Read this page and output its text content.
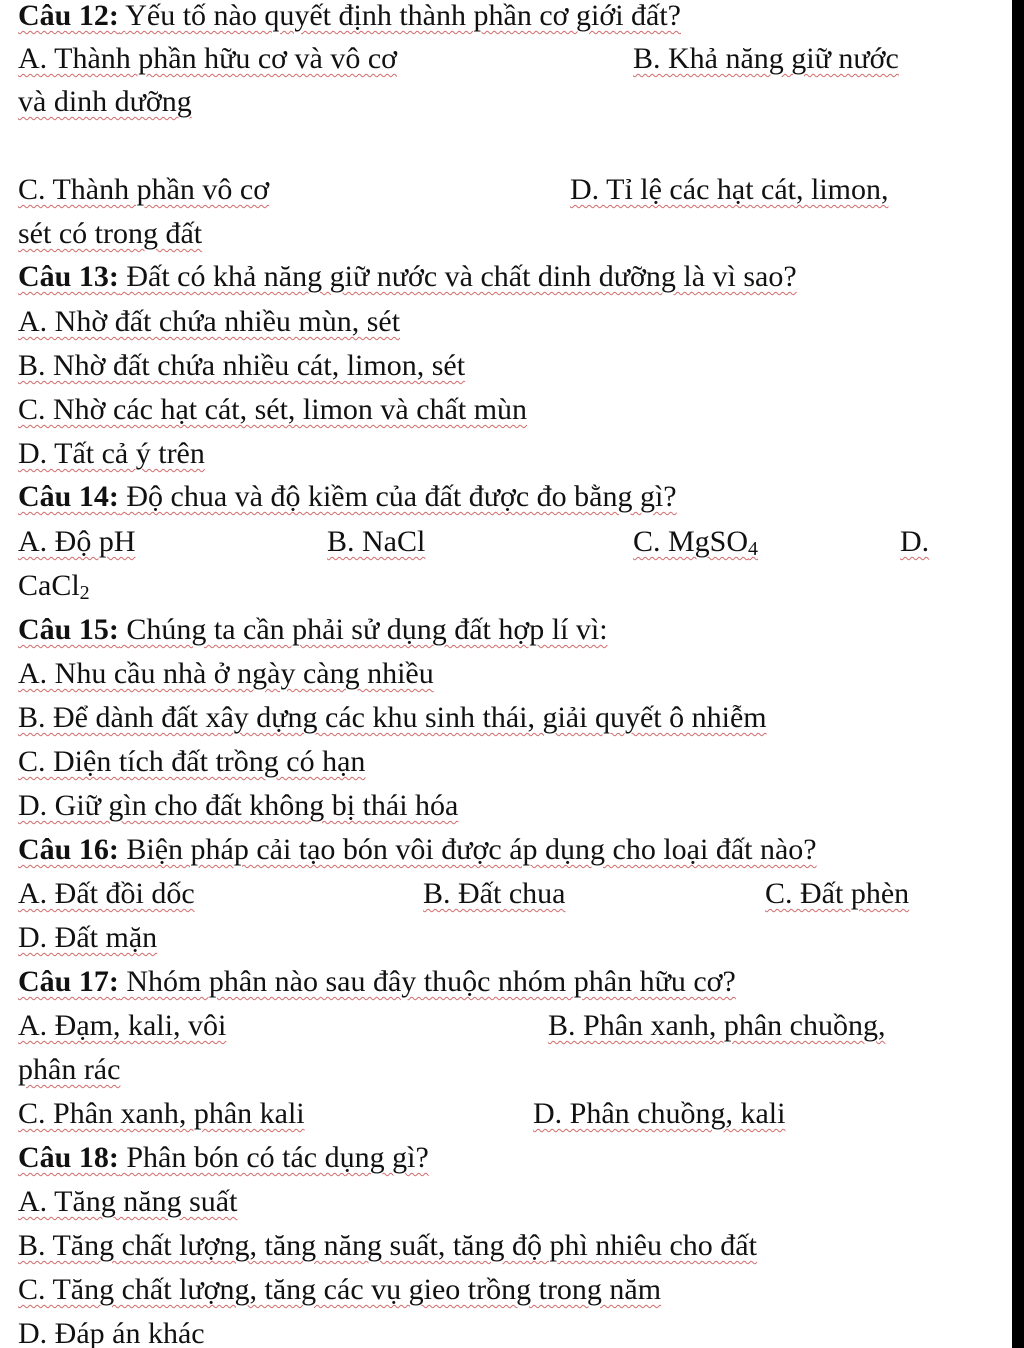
Câu 12: Yếu tố nào quyết định thành phần cơ giới đất?
A. Thành phần hữu cơ và vô cơ	B. Khả năng giữ nước
và dinh dưỡng
C. Thành phần vô cơ	D. Tỉ lệ các hạt cát, limon,
sét có trong đất
Câu 13: Đất có khả năng giữ nước và chất dinh dưỡng là vì sao?
A. Nhờ đất chứa nhiều mùn, sét
B. Nhờ đất chứa nhiều cát, limon, sét
C. Nhờ các hạt cát, sét, limon và chất mùn
D. Tất cả ý trên
Câu 14: Độ chua và độ kiềm của đất được đo bằng gì?
A. Độ pH	B. NaCl	C. MgSO$_4$	D.
CaCl$_2$
Câu 15: Chúng ta cần phải sử dụng đất hợp lí vì:
A. Nhu cầu nhà ở ngày càng nhiều
B. Để dành đất xây dựng các khu sinh thái, giải quyết ô nhiễm
C. Diện tích đất trồng có hạn
D. Giữ gìn cho đất không bị thái hóa
Câu 16: Biện pháp cải tạo bón vôi được áp dụng cho loại đất nào?
A. Đất đồi dốc	B. Đất chua	C. Đất phèn
D. Đất mặn
Câu 17: Nhóm phân nào sau đây thuộc nhóm phân hữu cơ?
A. Đạm, kali, vôi	B. Phân xanh, phân chuồng,
phân rác
C. Phân xanh, phân kali	D. Phân chuồng, kali
Câu 18: Phân bón có tác dụng gì?
A. Tăng năng suất
B. Tăng chất lượng, tăng năng suất, tăng độ phì nhiêu cho đất
C. Tăng chất lượng, tăng các vụ gieo trồng trong năm
D. Đáp án khác
